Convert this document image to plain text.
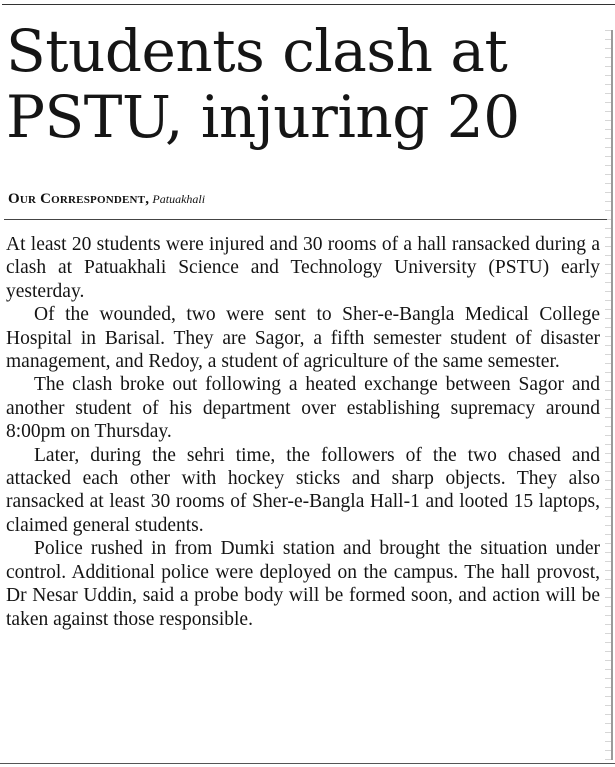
Students clash at PSTU, injuring 20
Our Correspondent, Patuakhali

At least 20 students were injured and 30 rooms of a hall ransacked during a clash at Patuakhali Science and Technology University (PSTU) early yesterday.

Of the wounded, two were sent to Sher-e-Bangla Medical College Hospital in Barisal. They are Sagor, a fifth semester student of disaster management, and Redoy, a student of agriculture of the same semester.

The clash broke out following a heated exchange between Sagor and another student of his department over establishing supremacy around 8:00pm on Thursday.

Later, during the sehri time, the followers of the two chased and attacked each other with hockey sticks and sharp objects. They also ransacked at least 30 rooms of Sher-e-Bangla Hall-1 and looted 15 laptops, claimed general students.

Police rushed in from Dumki station and brought the situation under control. Additional police were deployed on the campus. The hall provost, Dr Nesar Uddin, said a probe body will be formed soon, and action will be taken against those responsible.
